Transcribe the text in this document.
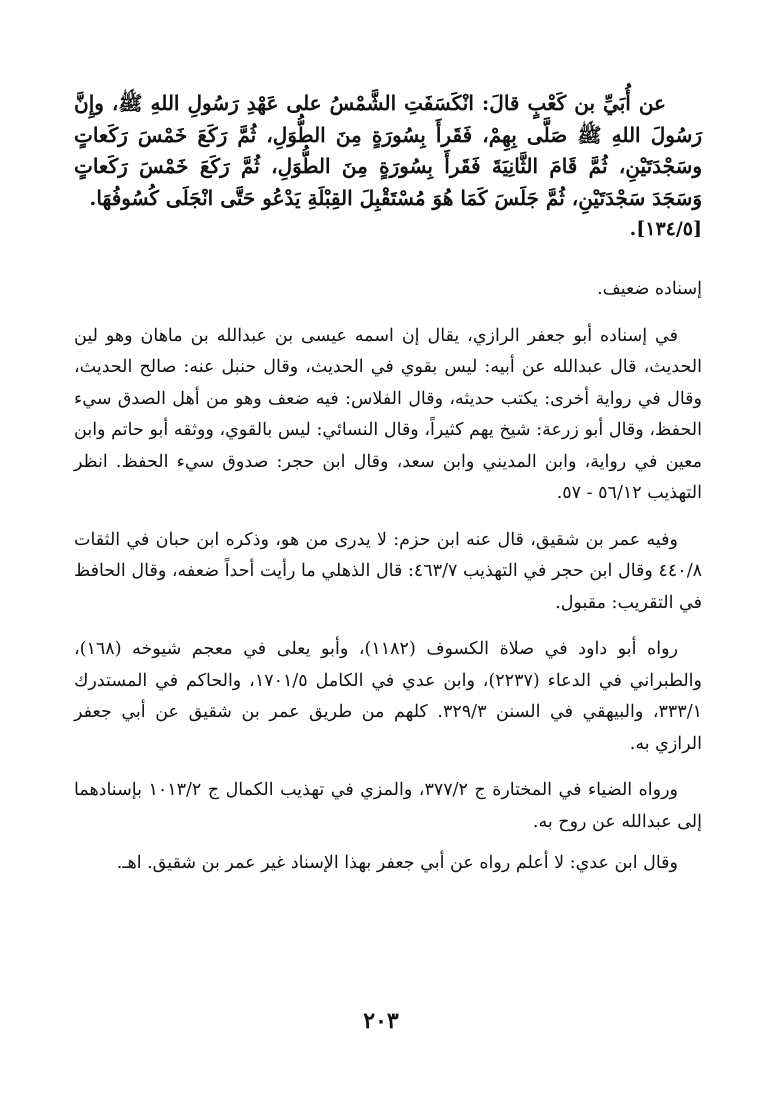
عن أُبَيِّ بن كَعْبٍ قالَ: انْكَسَفَتِ الشَّمْسُ على عَهْدِ رَسُولِ اللهِ ﷺ، وإِنَّ رَسُولَ اللهِ ﷺ صَلَّى بِهِمْ، فَقَرأَ بِسُورَةٍ مِنَ الطُّوَلِ، ثُمَّ رَكَعَ خَمْسَ رَكَعاتٍ وسَجْدَتَيْنِ، ثُمَّ قَامَ الثَّانِيَةَ فَقَرأَ بِسُورَةٍ مِنَ الطُّوَلِ، ثُمَّ رَكَعَ خَمْسَ رَكَعاتٍ وَسَجَدَ سَجْدَتَيْنِ، ثُمَّ جَلَسَ كَمَا هُوَ مُسْتَقْبِلَ القِبْلَةِ يَدْعُو حَتَّى انْجَلَى كُسُوفُهَا.

[١٣٤/٥].

إسناده ضعيف.

في إسناده أبو جعفر الرازي، يقال إن اسمه عيسى بن عبدالله بن ماهان وهو لين الحديث، قال عبدالله عن أبيه: ليس بقوي في الحديث، وقال حنبل عنه: صالح الحديث، وقال في رواية أخرى: يكتب حديثه، وقال الفلاس: فيه ضعف وهو من أهل الصدق سيء الحفظ، وقال أبو زرعة: شيخ يهم كثيراً، وقال النسائي: ليس بالقوي، ووثقه أبو حاتم وابن معين في رواية، وابن المديني وابن سعد، وقال ابن حجر: صدوق سيء الحفظ. انظر التهذيب ٥٦/١٢ - ٥٧.

وفيه عمر بن شقيق، قال عنه ابن حزم: لا يدرى من هو، وذكره ابن حبان في الثقات ٤٤٠/٨ وقال ابن حجر في التهذيب ٤٦٣/٧: قال الذهلي ما رأيت أحداً ضعفه، وقال الحافظ في التقريب: مقبول.

رواه أبو داود في صلاة الكسوف (١١٨٢)، وأبو يعلى في معجم شيوخه (١٦٨)، والطبراني في الدعاء (٢٢٣٧)، وابن عدي في الكامل ١٧٠١/٥، والحاكم في المستدرك ٣٣٣/١، والبيهقي في السنن ٣٢٩/٣. كلهم من طريق عمر بن شقيق عن أبي جعفر الرازي به.

ورواه الضياء في المختارة ج ٣٧٧/٢، والمزي في تهذيب الكمال ج ١٠١٣/٢ بإسنادهما إلى عبدالله عن روح به.

وقال ابن عدي: لا أعلم رواه عن أبي جعفر بهذا الإسناد غير عمر بن شقيق. اهـ.

٢٠٣
